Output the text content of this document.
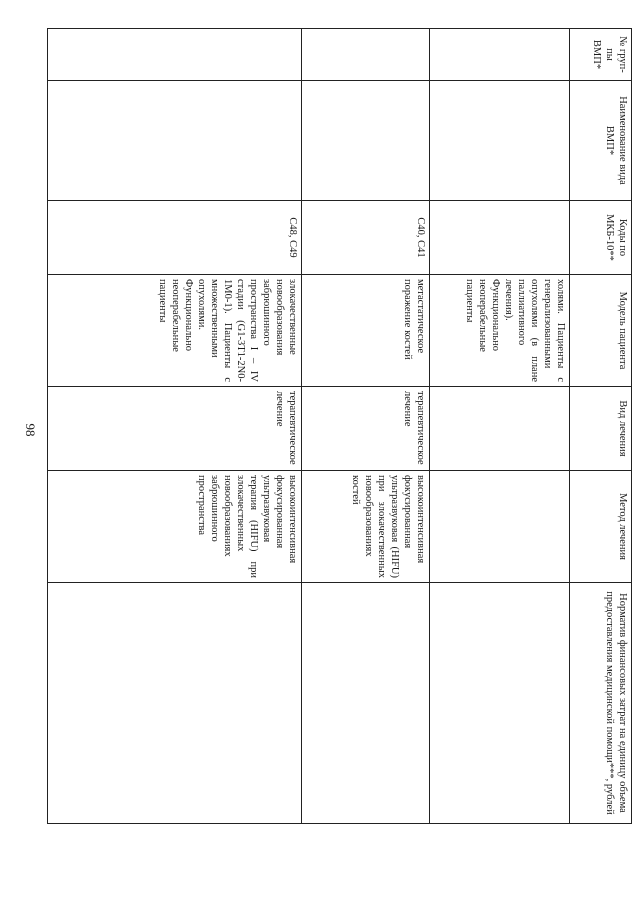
98
№ груп-пы ВМП*	Наименование вида ВМП*	Коды по МКБ-10**	Модель пациента	Вид лечения	Метод лечения	Норматив финансовых затрат на единицу объема предоставления медицинской помощи***, рублей
			холями. Пациенты с генерализованными опухолями (в плане паллиативного лечения). Функционально неоперабельные пациенты			
		C40, C41	метастатическое поражение костей	терапевтическое лечение	высокоинтенсивная фокусированная ультразвуковая (HIFU) при злокачественных новообразованиях костей	
		C48, C49	злокачественные новообразования забрюшинного пространства I – IV стадии (G1-3T1-2N0-1M0-1). Пациенты с множественными опухолями. Функционально неоперабельные пациенты	терапевтическое лечение	высокоинтенсивная фокусированная ультразвуковая терапия (HIFU) при злокачественных новообразованиях забрюшинного пространства	
